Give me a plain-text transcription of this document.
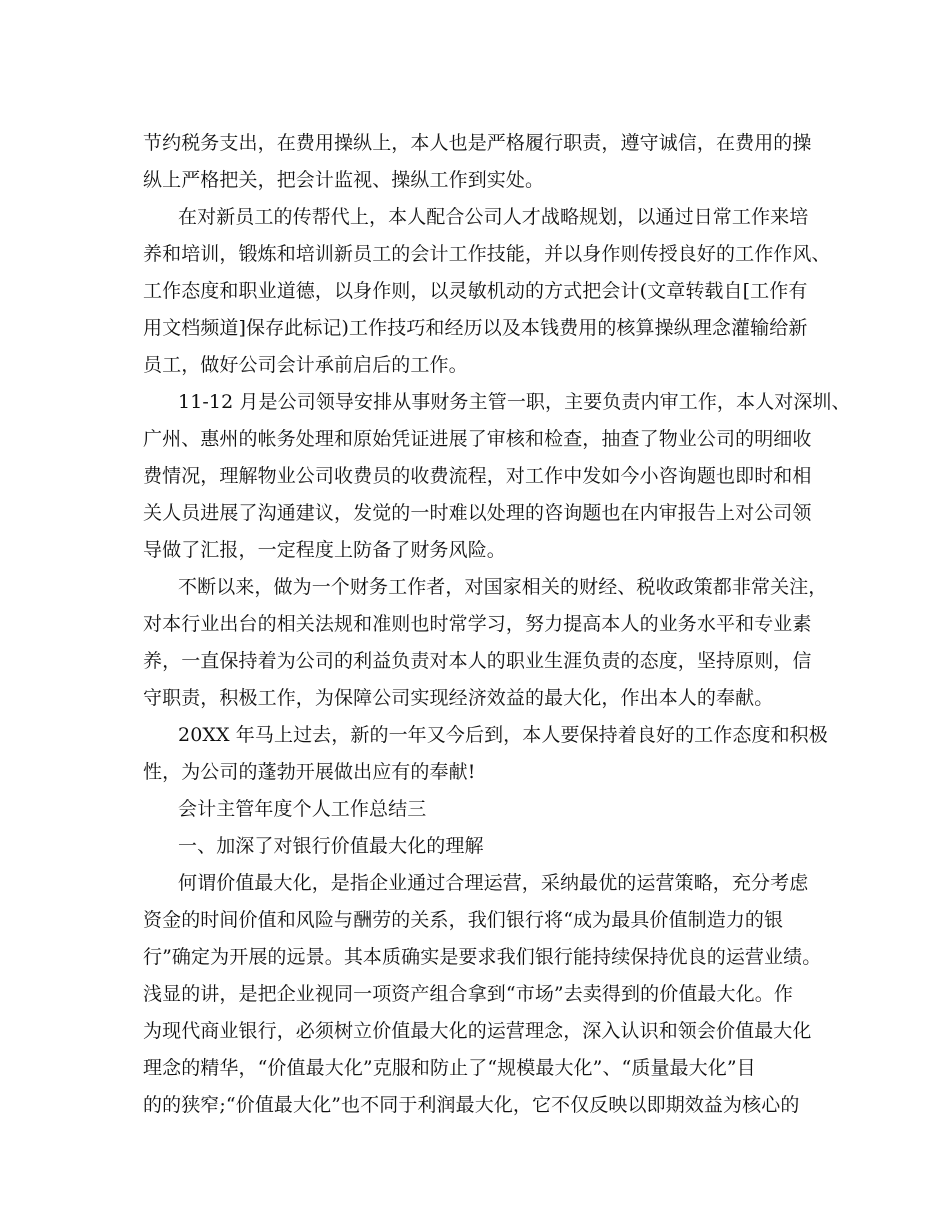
节约税务支出，在费用操纵上，本人也是严格履行职责，遵守诚信，在费用的操
纵上严格把关，把会计监视、操纵工作到实处。
在对新员工的传帮代上，本人配合公司人才战略规划，以通过日常工作来培
养和培训，锻炼和培训新员工的会计工作技能，并以身作则传授良好的工作作风、
工作态度和职业道德，以身作则，以灵敏机动的方式把会计(文章转载自[工作有
用文档频道]保存此标记)工作技巧和经历以及本钱费用的核算操纵理念灌输给新
员工，做好公司会计承前启后的工作。
11-12 月是公司领导安排从事财务主管一职，主要负责内审工作，本人对深圳、
广州、惠州的帐务处理和原始凭证进展了审核和检查，抽查了物业公司的明细收
费情况，理解物业公司收费员的收费流程，对工作中发如今小咨询题也即时和相
关人员进展了沟通建议，发觉的一时难以处理的咨询题也在内审报告上对公司领
导做了汇报，一定程度上防备了财务风险。
不断以来，做为一个财务工作者，对国家相关的财经、税收政策都非常关注，
对本行业出台的相关法规和准则也时常学习，努力提高本人的业务水平和专业素
养，一直保持着为公司的利益负责对本人的职业生涯负责的态度，坚持原则，信
守职责，积极工作，为保障公司实现经济效益的最大化，作出本人的奉献。
20XX 年马上过去，新的一年又今后到，本人要保持着良好的工作态度和积极
性，为公司的蓬勃开展做出应有的奉献!
会计主管年度个人工作总结三
一、加深了对银行价值最大化的理解
何谓价值最大化，是指企业通过合理运营，采纳最优的运营策略，充分考虑
资金的时间价值和风险与酬劳的关系，我们银行将“成为最具价值制造力的银
行”确定为开展的远景。其本质确实是要求我们银行能持续保持优良的运营业绩。
浅显的讲，是把企业视同一项资产组合拿到“市场”去卖得到的价值最大化。作
为现代商业银行，必须树立价值最大化的运营理念，深入认识和领会价值最大化
理念的精华，“价值最大化”克服和防止了“规模最大化”、“质量最大化”目
的的狭窄;“价值最大化”也不同于利润最大化，它不仅反映以即期效益为核心的
